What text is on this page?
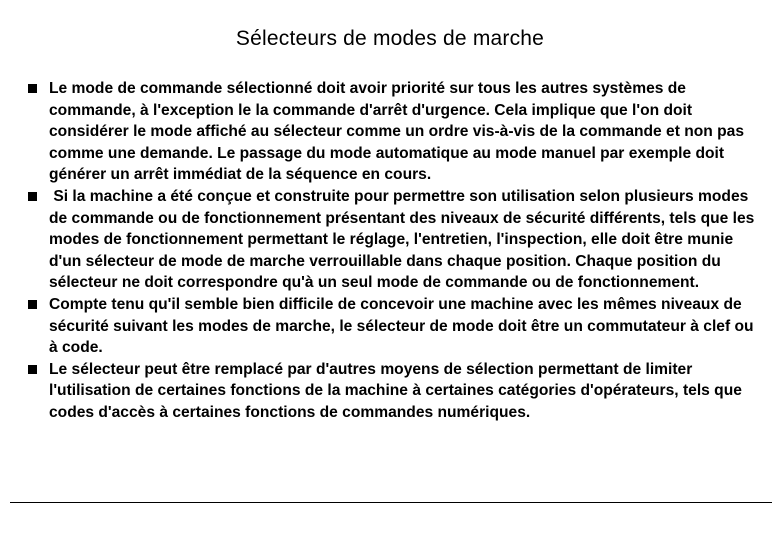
Sélecteurs de modes de marche
Le mode de commande sélectionné doit avoir priorité sur tous les autres systèmes de commande, à l'exception le la commande d'arrêt d'urgence. Cela implique que l'on doit considérer le mode affiché au sélecteur comme un ordre vis-à-vis de la commande et non pas comme une demande. Le passage du mode automatique au mode manuel par exemple doit générer un arrêt immédiat de la séquence en cours.
Si la machine a été conçue et construite pour permettre son utilisation selon plusieurs modes de commande ou de fonctionnement présentant des niveaux de sécurité différents, tels que les modes de fonctionnement permettant le réglage, l'entretien, l'inspection, elle doit être munie d'un sélecteur de mode de marche verrouillable dans chaque position. Chaque position du sélecteur ne doit correspondre qu'à un seul mode de commande ou de fonctionnement.
Compte tenu qu'il semble bien difficile de concevoir une machine avec les mêmes niveaux de sécurité suivant les modes de marche, le sélecteur de mode doit être un commutateur à clef ou à code.
Le sélecteur peut être remplacé par d'autres moyens de sélection permettant de limiter l'utilisation de certaines fonctions de la machine à certaines catégories d'opérateurs, tels que codes d'accès à certaines fonctions de commandes numériques.
